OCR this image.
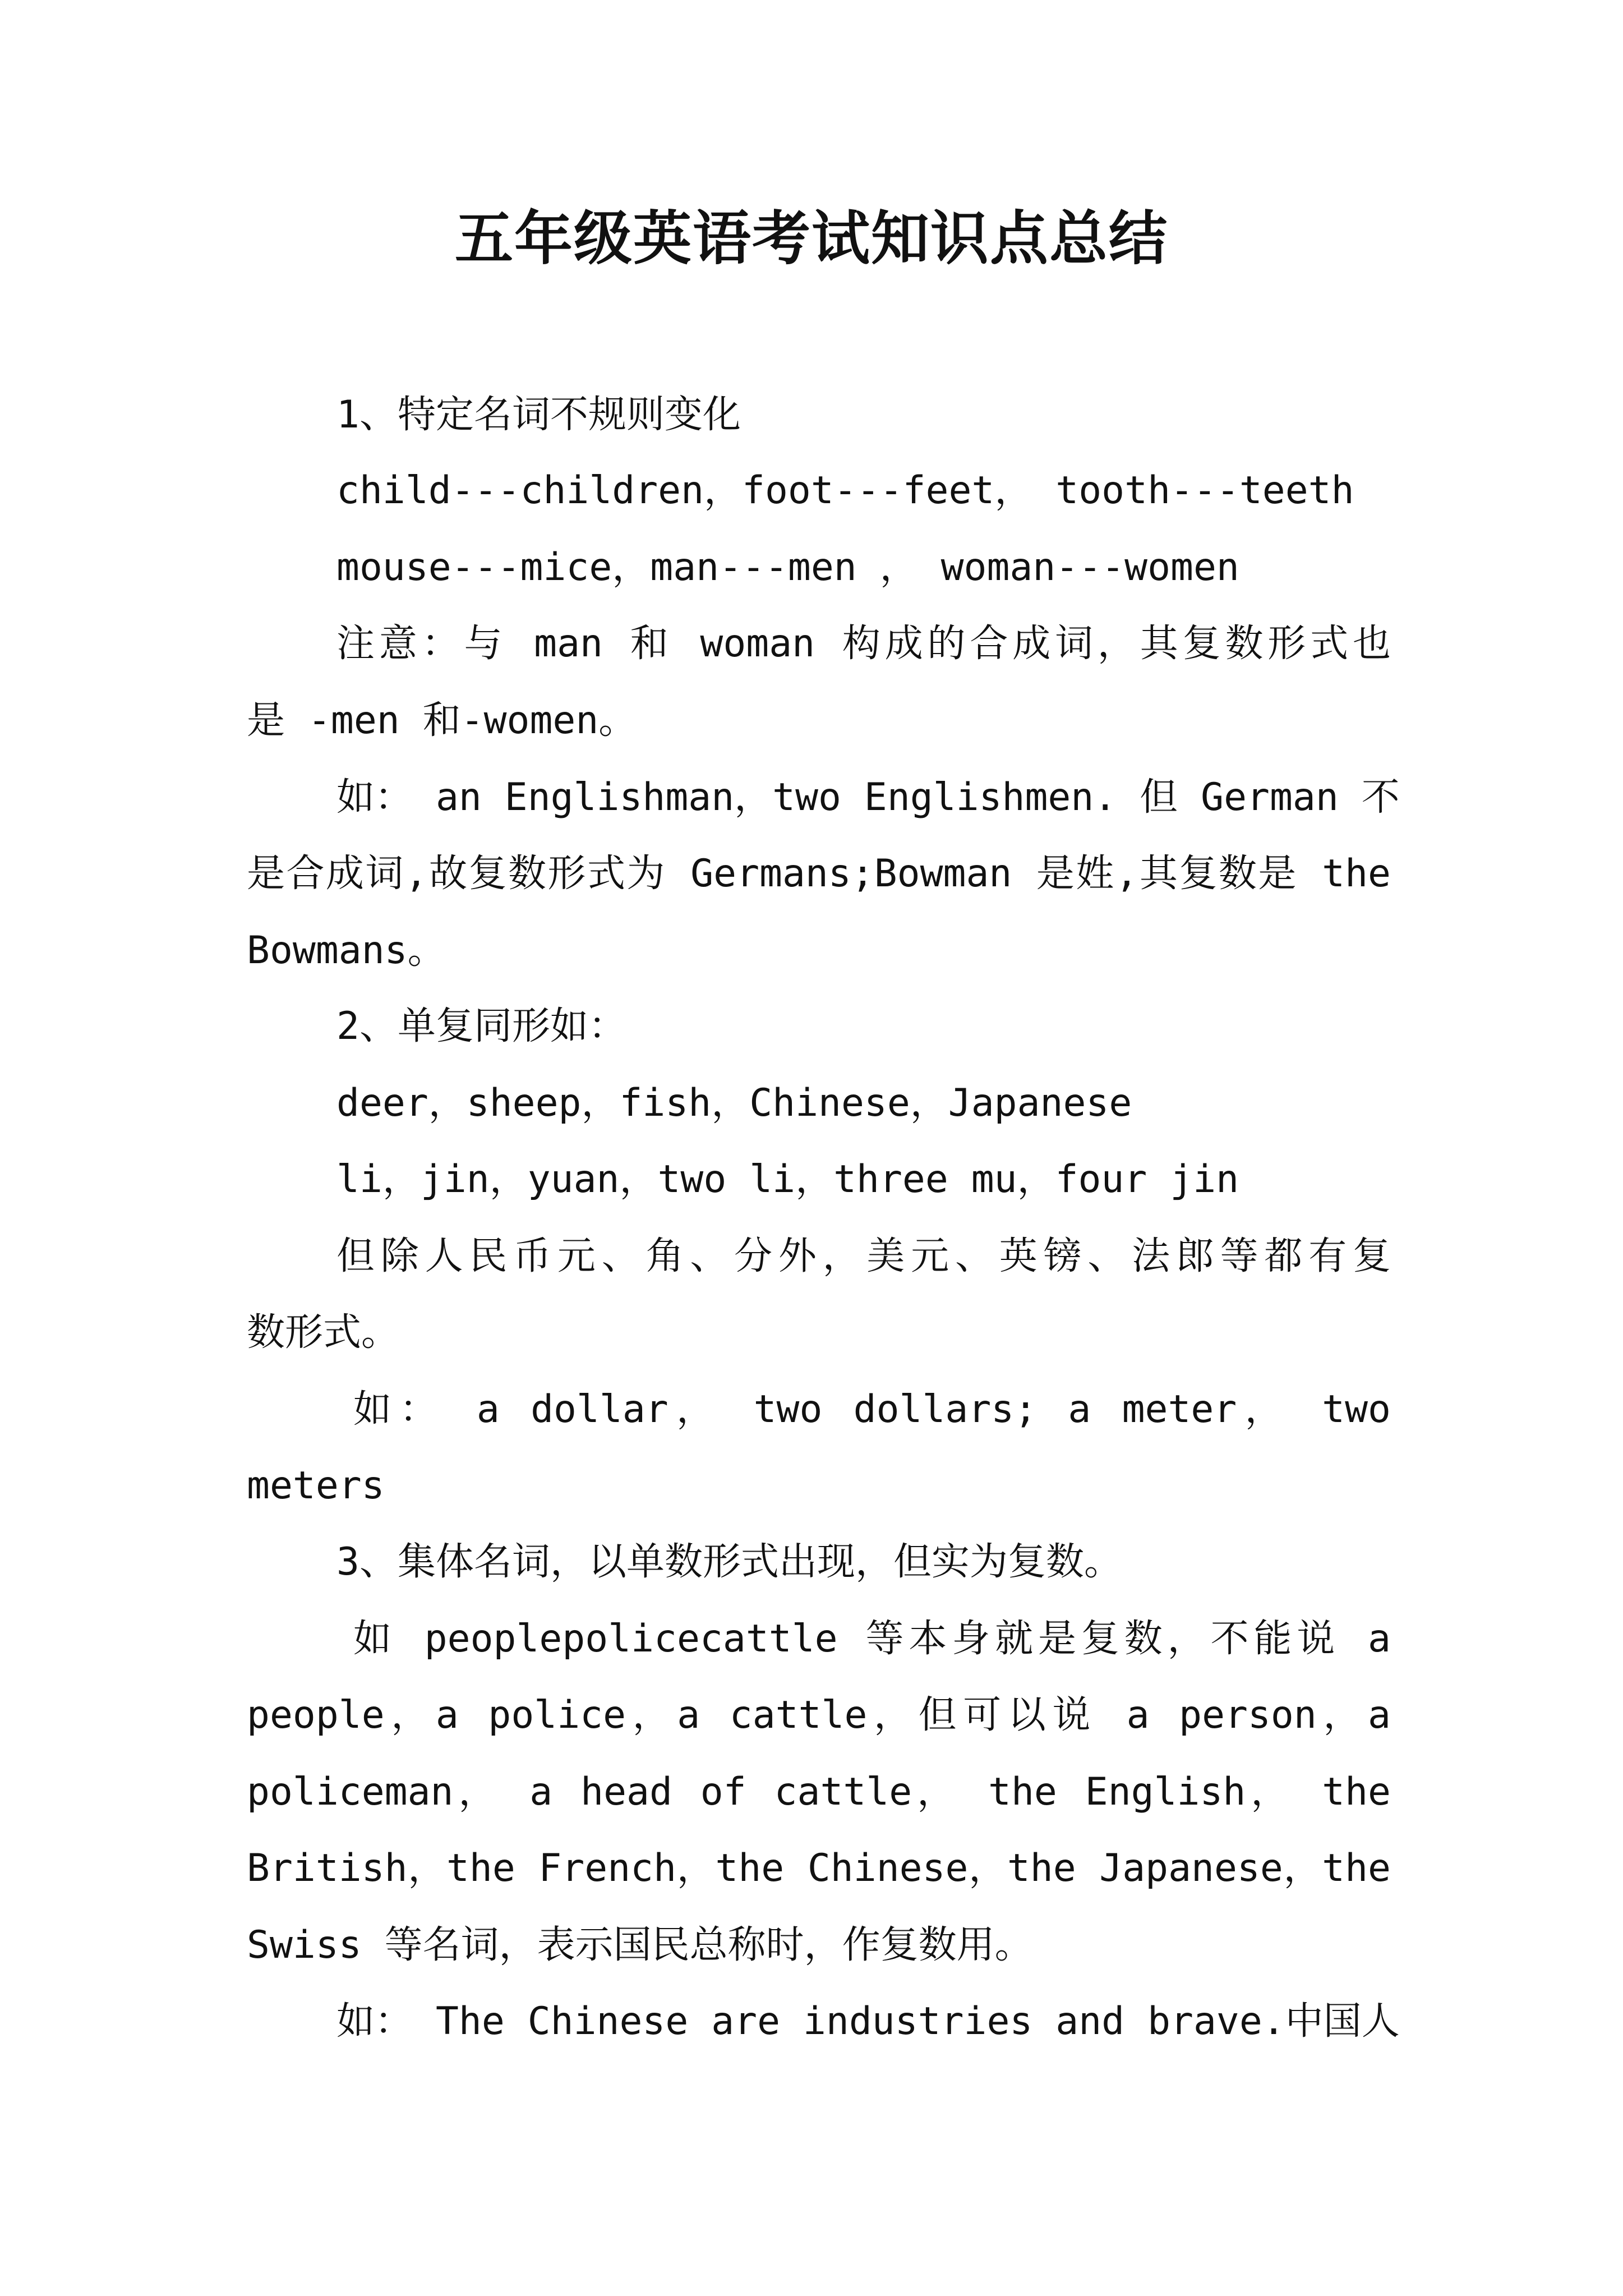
五年级英语考试知识点总结
1、特定名词不规则变化
child---children，foot---feet， tooth---teeth
mouse---mice，man---men ， woman---women
注意：与 man 和 woman 构成的合成词，其复数形式也
是 -men 和-women。
如： an Englishman，two Englishmen. 但 German 不
是合成词,故复数形式为 Germans;Bowman 是姓,其复数是 the
Bowmans。
2、单复同形如：
deer，sheep，fish，Chinese，Japanese
li，jin，yuan，two li，three mu，four jin
但除人民币元、角、分外，美元、英镑、法郎等都有复
数形式。
如： a dollar， two dollars; a meter， two
meters
3、集体名词，以单数形式出现，但实为复数。
如 peoplepolicecattle 等本身就是复数，不能说 a
people，a police，a cattle，但可以说 a person，a
policeman， a head of cattle， the English， the
British，the French，the Chinese，the Japanese，the
Swiss 等名词，表示国民总称时，作复数用。
如： The Chinese are industries and brave.中国人
